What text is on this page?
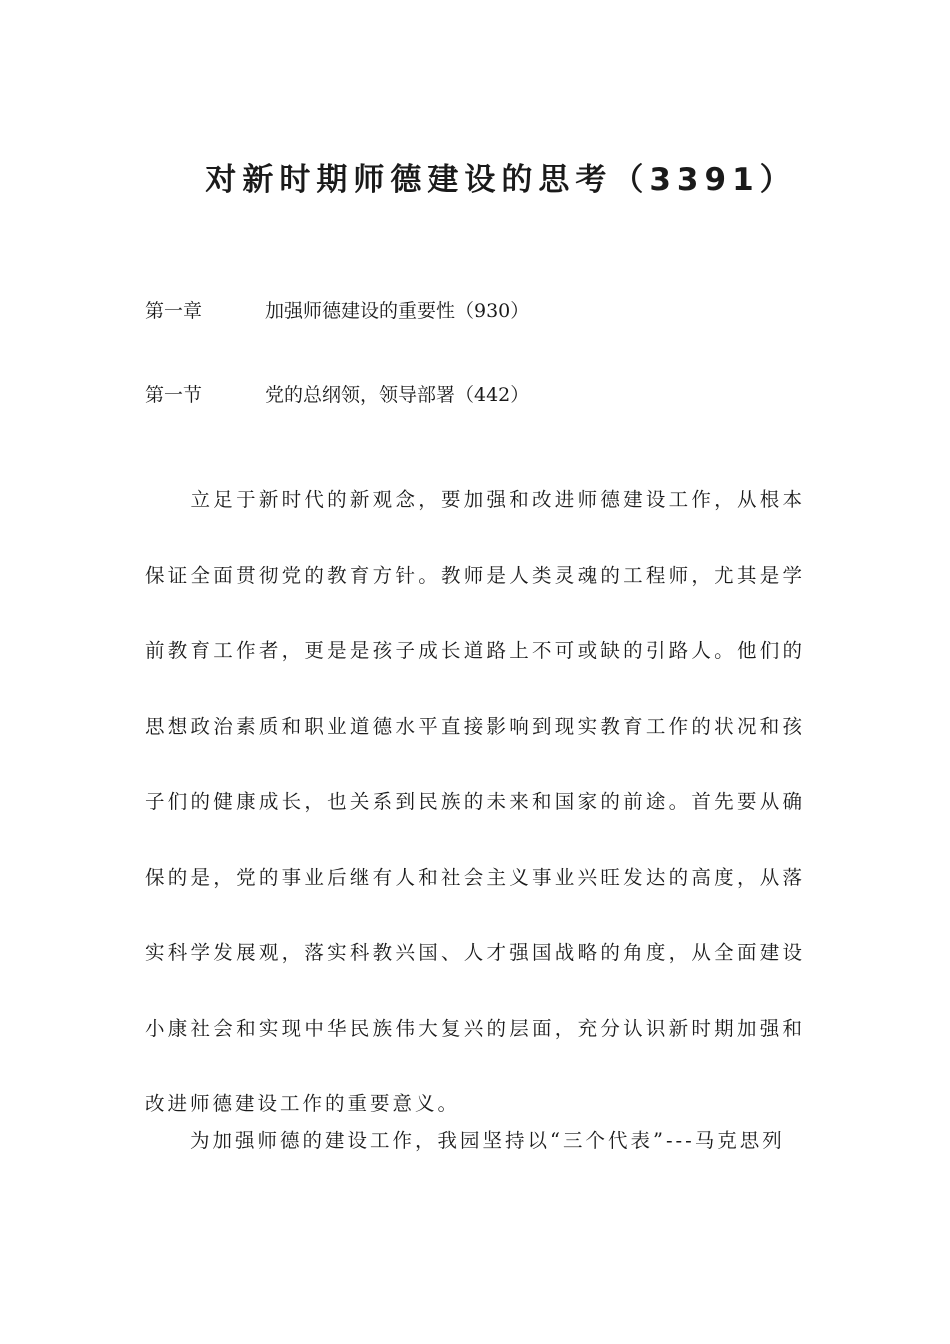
对新时期师德建设的思考（3391）
第一章	加强师德建设的重要性（930）
第一节	党的总纲领，领导部署（442）

　　立足于新时代的新观念，要加强和改进师德建设工作，从根本保证全面贯彻党的教育方针。教师是人类灵魂的工程师，尤其是学前教育工作者，更是是孩子成长道路上不可或缺的引路人。他们的思想政治素质和职业道德水平直接影响到现实教育工作的状况和孩子们的健康成长，也关系到民族的未来和国家的前途。首先要从确保的是，党的事业后继有人和社会主义事业兴旺发达的高度，从落实科学发展观，落实科教兴国、人才强国战略的角度，从全面建设小康社会和实现中华民族伟大复兴的层面，充分认识新时期加强和改进师德建设工作的重要意义。

　　为加强师德的建设工作，我园坚持以“三个代表”---马克思列
